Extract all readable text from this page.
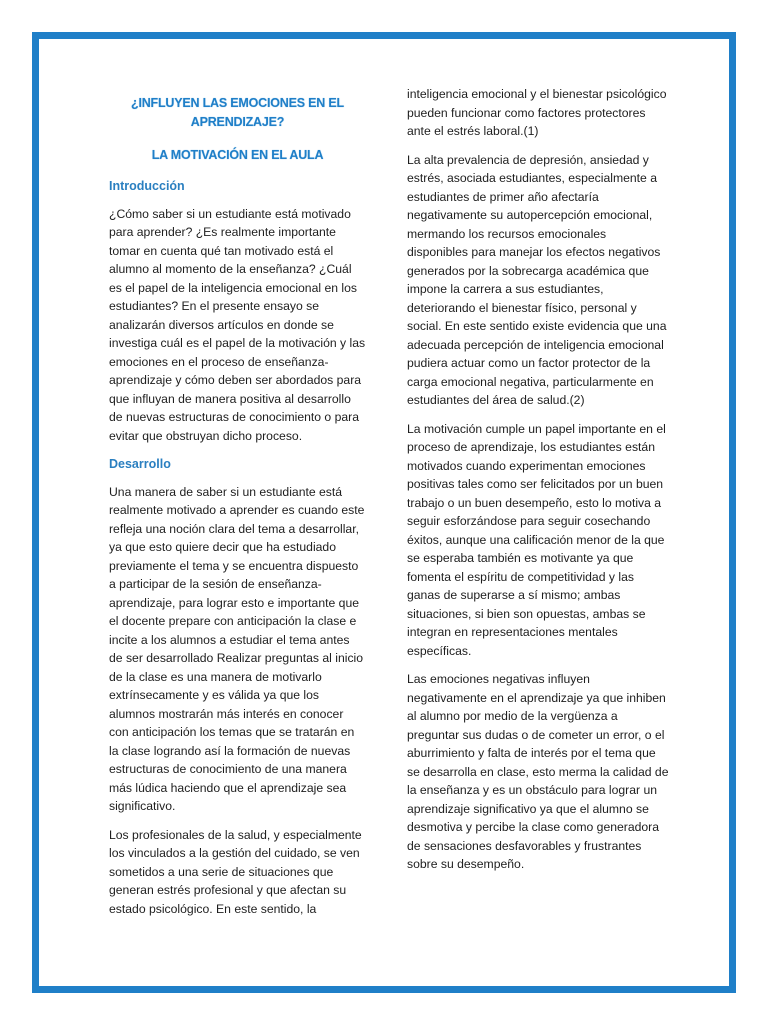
¿INFLUYEN LAS EMOCIONES EN EL APRENDIZAJE?
LA MOTIVACIÓN EN EL AULA
Introducción

¿Cómo saber si un estudiante está motivado para aprender? ¿Es realmente importante tomar en cuenta qué tan motivado está el alumno al momento de la enseñanza? ¿Cuál es el papel de la inteligencia emocional en los estudiantes? En el presente ensayo se analizarán diversos artículos en donde se investiga cuál es el papel de la motivación y las emociones en el proceso de enseñanza-aprendizaje y cómo deben ser abordados para que influyan de manera positiva al desarrollo de nuevas estructuras de conocimiento o para evitar que obstruyan dicho proceso.

Desarrollo

Una manera de saber si un estudiante está realmente motivado a aprender es cuando este refleja una noción clara del tema a desarrollar, ya que esto quiere decir que ha estudiado previamente el tema y se encuentra dispuesto a participar de la sesión de enseñanza-aprendizaje, para lograr esto e importante que el docente prepare con anticipación la clase e incite a los alumnos a estudiar el tema antes de ser desarrollado Realizar preguntas al inicio de la clase es una manera de motivarlo extrínsecamente y es válida ya que los alumnos mostrarán más interés en conocer con anticipación los temas que se tratarán en la clase logrando así la formación de nuevas estructuras de conocimiento de una manera más lúdica haciendo que el aprendizaje sea significativo.

Los profesionales de la salud, y especialmente los vinculados a la gestión del cuidado, se ven sometidos a una serie de situaciones que generan estrés profesional y que afectan su estado psicológico. En este sentido, la

inteligencia emocional y el bienestar psicológico pueden funcionar como factores protectores ante el estrés laboral.(1)

La alta prevalencia de depresión, ansiedad y estrés, asociada estudiantes, especialmente a estudiantes de primer año afectaría negativamente su autopercepción emocional, mermando los recursos emocionales disponibles para manejar los efectos negativos generados por la sobrecarga académica que impone la carrera a sus estudiantes, deteriorando el bienestar físico, personal y social. En este sentido existe evidencia que una adecuada percepción de inteligencia emocional pudiera actuar como un factor protector de la carga emocional negativa, particularmente en estudiantes del área de salud.(2)

La motivación cumple un papel importante en el proceso de aprendizaje, los estudiantes están motivados cuando experimentan emociones positivas tales como ser felicitados por un buen trabajo o un buen desempeño, esto lo motiva a seguir esforzándose para seguir cosechando éxitos, aunque una calificación menor de la que se esperaba también es motivante ya que fomenta el espíritu de competitividad y las ganas de superarse a sí mismo; ambas situaciones, si bien son opuestas, ambas se integran en representaciones mentales específicas.

Las emociones negativas influyen negativamente en el aprendizaje ya que inhiben al alumno por medio de la vergüenza a preguntar sus dudas o de cometer un error, o el aburrimiento y falta de interés por el tema que se desarrolla en clase, esto merma la calidad de la enseñanza y es un obstáculo para lograr un aprendizaje significativo ya que el alumno se desmotiva y percibe la clase como generadora de sensaciones desfavorables y frustrantes sobre su desempeño.
